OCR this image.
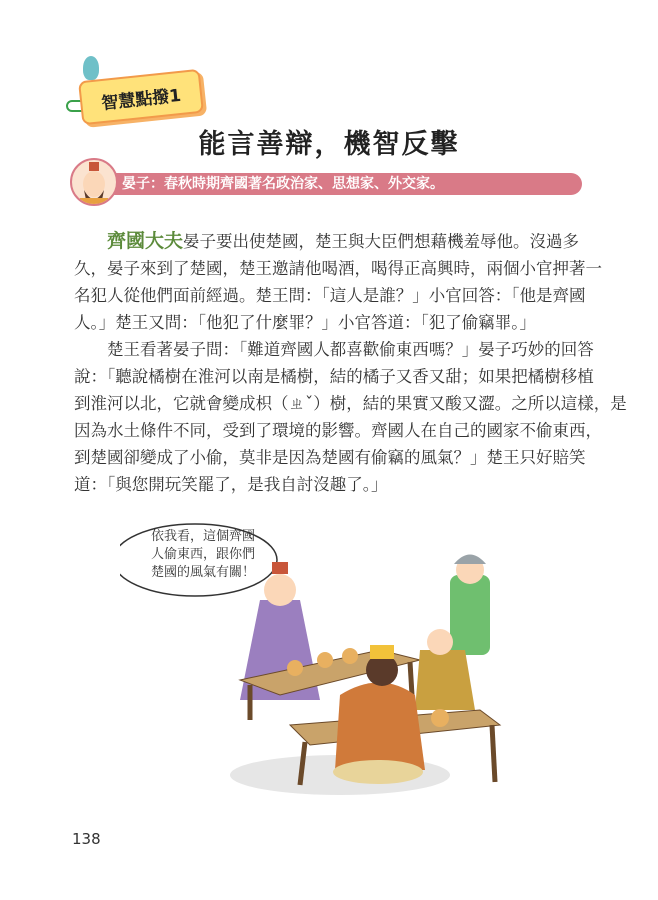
智慧點撥1
能言善辯，機智反擊
晏子：春秋時期齊國著名政治家、思想家、外交家。
　　齊國大夫晏子要出使楚國，楚王與大臣們想藉機羞辱他。沒過多
久，晏子來到了楚國，楚王邀請他喝酒，喝得正高興時，兩個小官押著一
名犯人從他們面前經過。楚王問：「這人是誰？」小官回答：「他是齊國
人。」楚王又問：「他犯了什麼罪？」小官答道：「犯了偷竊罪。」
　　楚王看著晏子問：「難道齊國人都喜歡偷東西嗎？」晏子巧妙的回答
說：「聽說橘樹在淮河以南是橘樹，結的橘子又香又甜；如果把橘樹移植
到淮河以北，它就會變成枳（ㄓˇ）樹，結的果實又酸又澀。之所以這樣，是
因為水土條件不同，受到了環境的影響。齊國人在自己的國家不偷東西，
到楚國卻變成了小偷，莫非是因為楚國有偷竊的風氣？」楚王只好賠笑
道：「與您開玩笑罷了，是我自討沒趣了。」
依我看，這個齊國
人偷東西，跟你們
楚國的風氣有關！
138
